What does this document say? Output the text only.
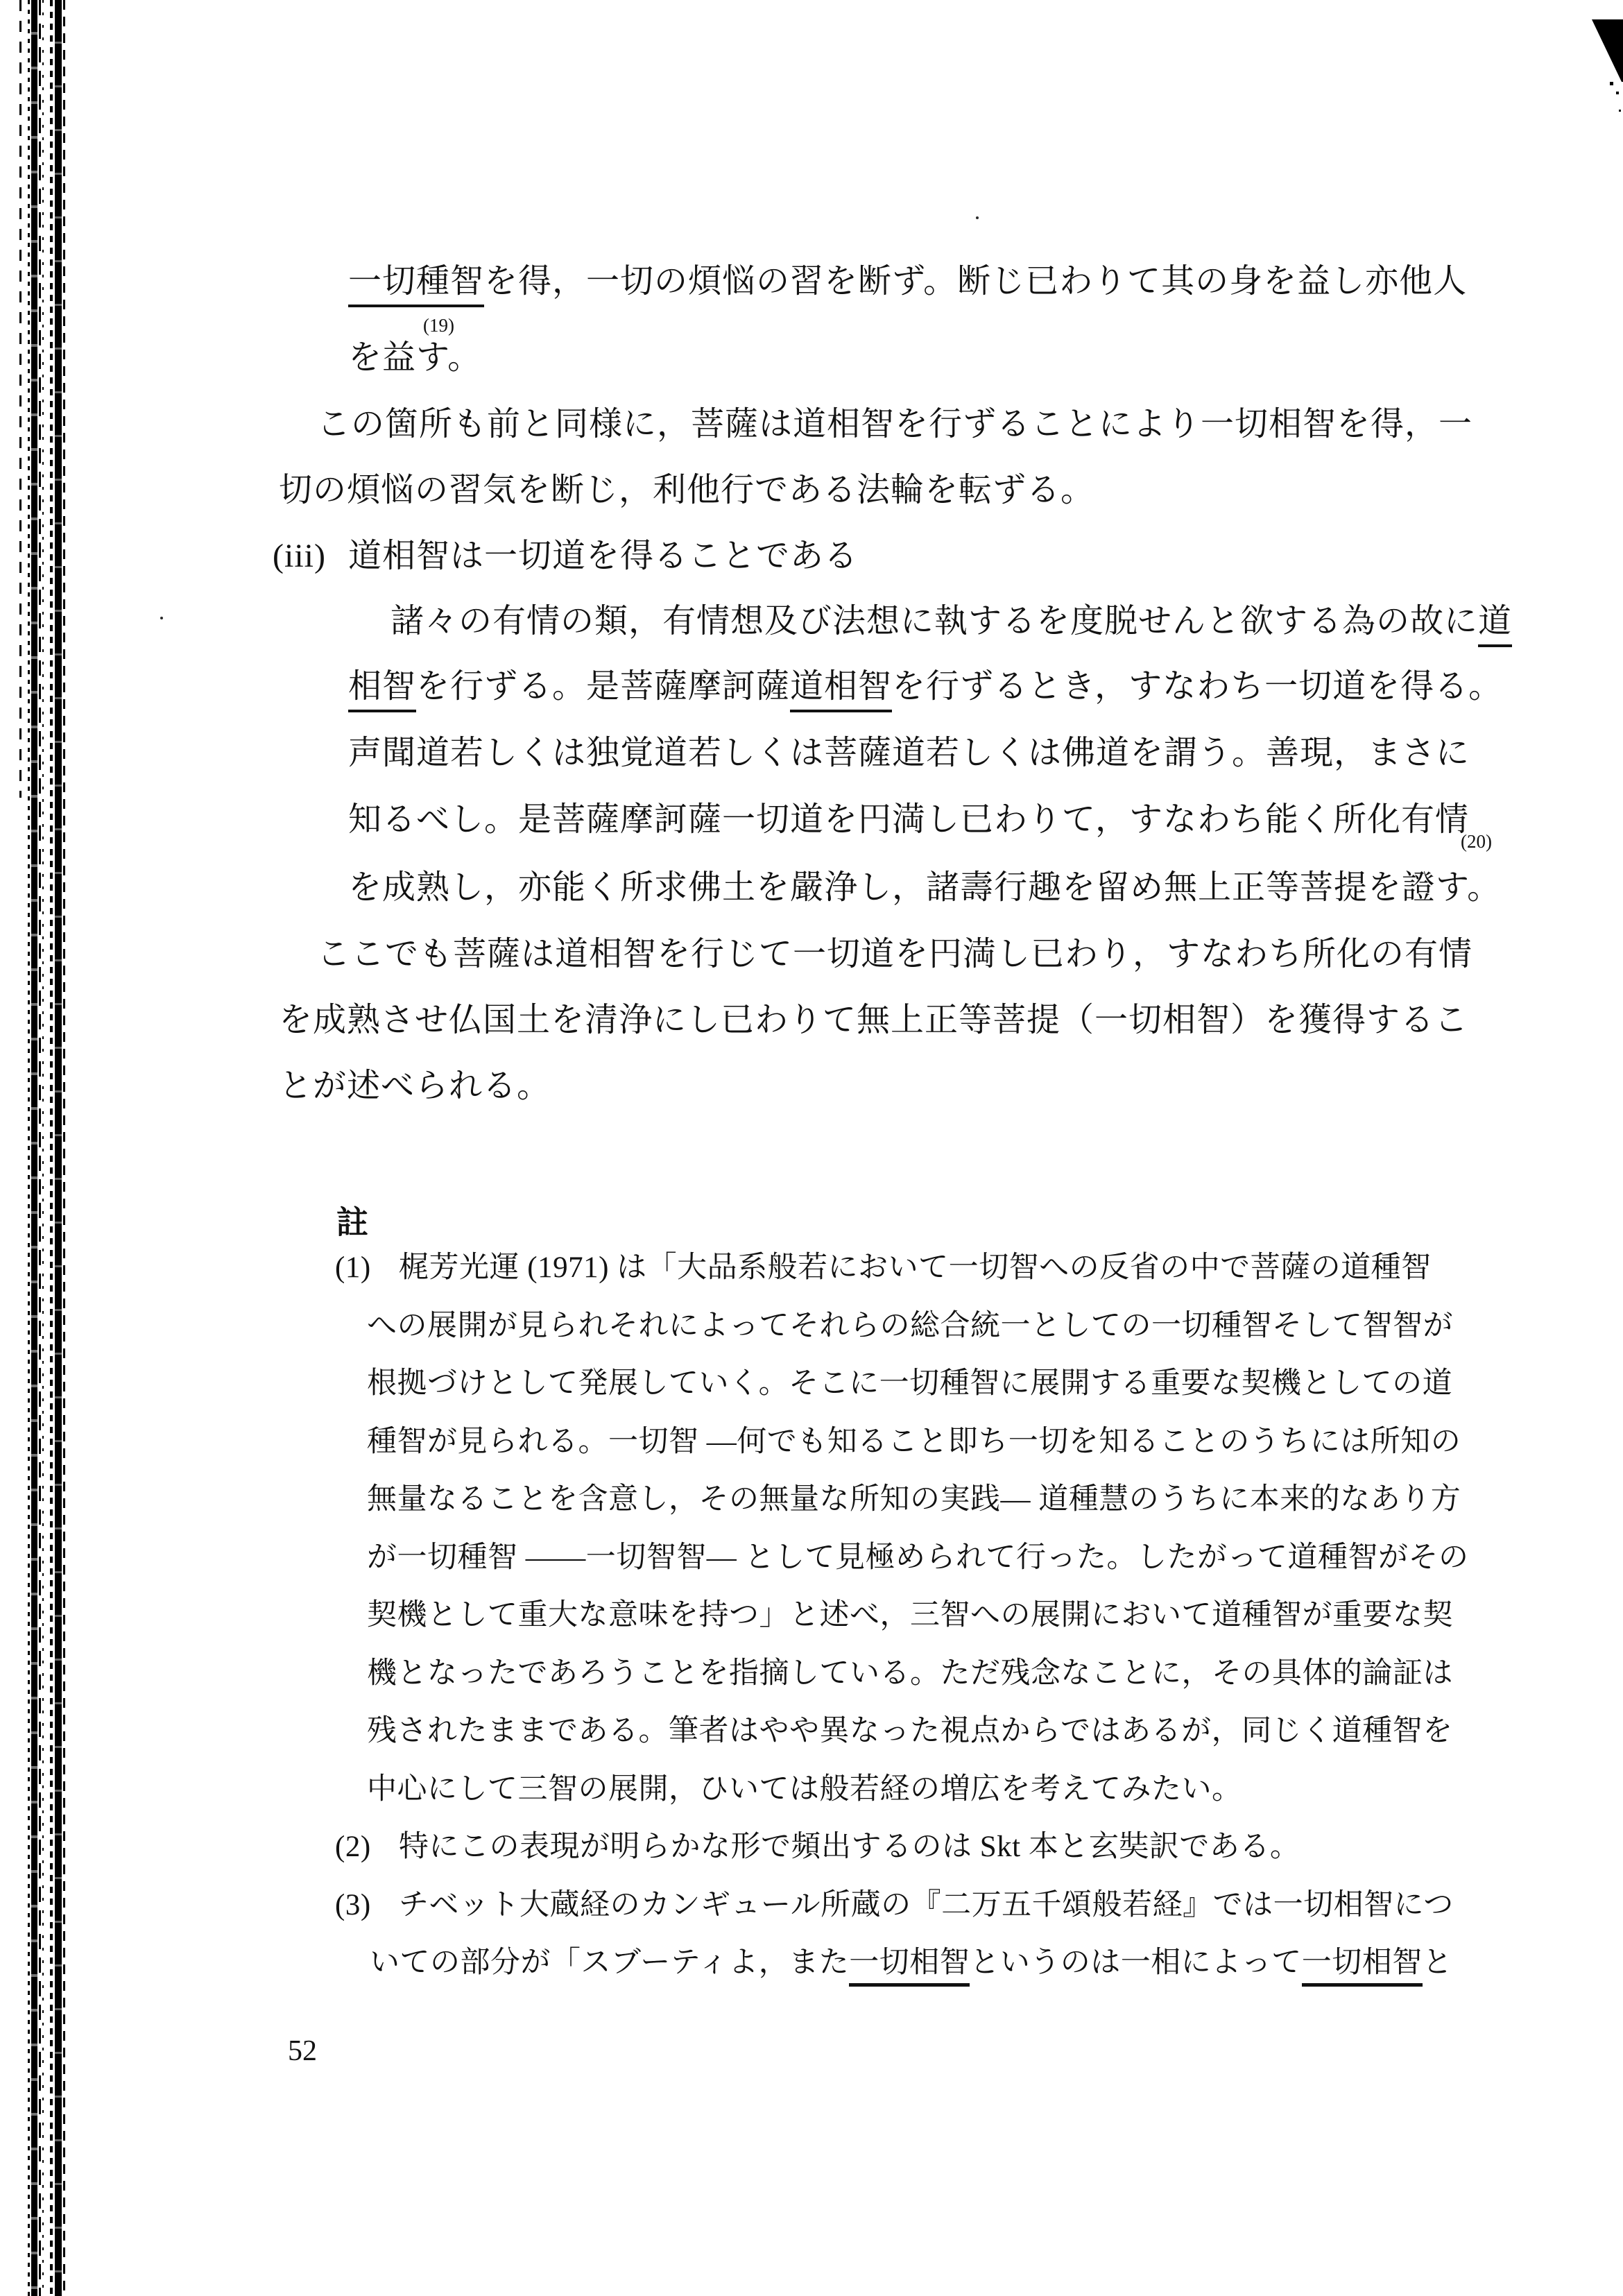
一切種智を得，一切の煩悩の習を断ず。断じ已わりて其の身を益し亦他人
(19)
を益す。
この箇所も前と同様に，菩薩は道相智を行ずることにより一切相智を得，一
切の煩悩の習気を断じ，利他行である法輪を転ずる。
(iii) 道相智は一切道を得ることである
諸々の有情の類，有情想及び法想に執するを度脱せんと欲する為の故に道
相智を行ずる。是菩薩摩訶薩道相智を行ずるとき，すなわち一切道を得る。
声聞道若しくは独覚道若しくは菩薩道若しくは佛道を謂う。善現，まさに
知るべし。是菩薩摩訶薩一切道を円満し已わりて，すなわち能く所化有情
(20)
を成熟し，亦能く所求佛土を嚴浄し，諸壽行趣を留め無上正等菩提を證す。
ここでも菩薩は道相智を行じて一切道を円満し已わり，すなわち所化の有情
を成熟させ仏国土を清浄にし已わりて無上正等菩提（一切相智）を獲得するこ
とが述べられる。
註
(1) 梶芳光運 (1971) は「大品系般若において一切智への反省の中で菩薩の道種智
への展開が見られそれによってそれらの総合統一としての一切種智そして智智が
根拠づけとして発展していく。そこに一切種智に展開する重要な契機としての道
種智が見られる。一切智 ―何でも知ること即ち一切を知ることのうちには所知の
無量なることを含意し，その無量な所知の実践― 道種慧のうちに本来的なあり方
が一切種智 ――一切智智― として見極められて行った。したがって道種智がその
契機として重大な意味を持つ」と述べ，三智への展開において道種智が重要な契
機となったであろうことを指摘している。ただ残念なことに，その具体的論証は
残されたままである。筆者はやや異なった視点からではあるが，同じく道種智を
中心にして三智の展開，ひいては般若経の増広を考えてみたい。
(2) 特にこの表現が明らかな形で頻出するのは Skt 本と玄奘訳である。
(3) チベット大蔵経のカンギュール所蔵の『二万五千頌般若経』では一切相智につ
いての部分が「スブーティよ，また一切相智というのは一相によって一切相智と
52
